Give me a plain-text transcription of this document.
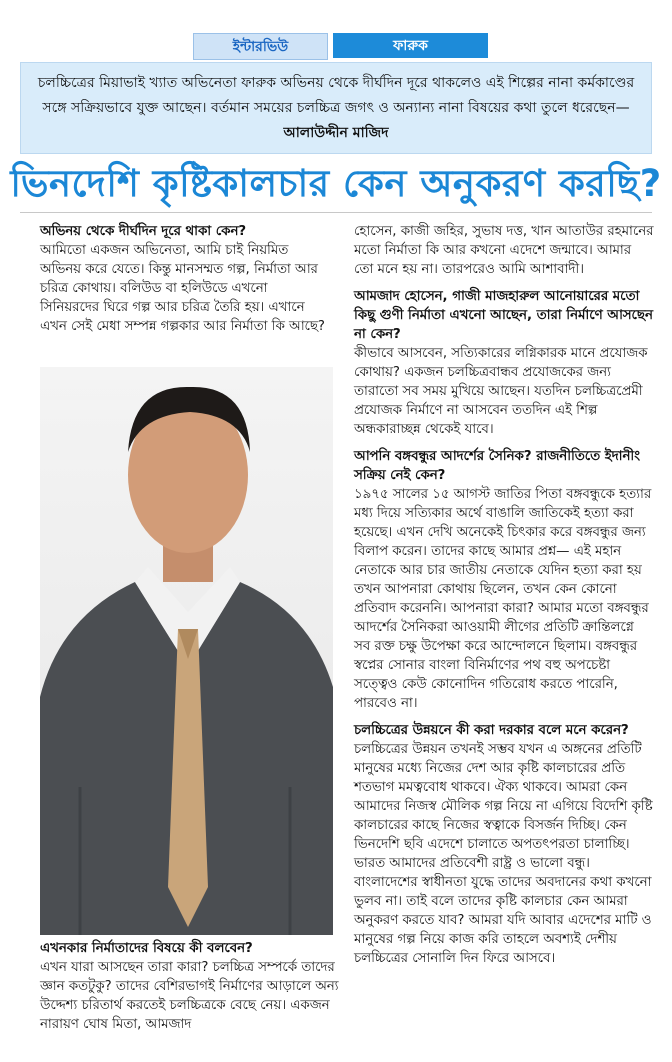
ইন্টারভিউ	ফারুক
চলচ্চিত্রের মিয়াভাই খ্যাত অভিনেতা ফারুক অভিনয় থেকে দীর্ঘদিন দূরে থাকলেও এই শিল্পের নানা কর্মকাণ্ডের সঙ্গে সক্রিয়ভাবে যুক্ত আছেন। বর্তমান সময়ের চলচ্চিত্র জগৎ ও অন্যান্য নানা বিষয়ের কথা তুলে ধরেছেন— আলাউদ্দীন মাজিদ
ভিনদেশি কৃষ্টিকালচার কেন অনুকরণ করছি?

অভিনয় থেকে দীর্ঘদিন দূরে থাকা কেন?

আমিতো একজন অভিনেতা, আমি চাই নিয়মিত অভিনয় করে যেতে। কিন্তু মানসম্মত গল্প, নির্মাতা আর চরিত্র কোথায়। বলিউড বা হলিউডে এখনো সিনিয়রদের ঘিরে গল্প আর চরিত্র তৈরি হয়। এখানে এখন সেই মেধা সম্পন্ন গল্পকার আর নির্মাতা কি আছে?

এখনকার নির্মাতাদের বিষয়ে কী বলবেন?

এখন যারা আসছেন তারা কারা? চলচ্চিত্র সম্পর্কে তাদের জ্ঞান কতটুকু? তাদের বেশিরভাগই নির্মাণের আড়ালে অন্য উদ্দেশ্য চরিতার্থ করতেই চলচ্চিত্রকে বেছে নেয়। একজন নারায়ণ ঘোষ মিতা, আমজাদ

হোসেন, কাজী জহির, সুভাষ দত্ত, খান আতাউর রহমানের মতো নির্মাতা কি আর কখনো এদেশে জন্মাবে। আমার তো মনে হয় না। তারপরেও আমি আশাবাদী।

আমজাদ হোসেন, গাজী মাজহারুল আনোয়ারের মতো কিছু গুণী নির্মাতা এখনো আছেন, তারা নির্মাণে আসছেন না কেন?

কীভাবে আসবেন, সত্যিকারের লগ্নিকারক মানে প্রযোজক কোথায়? একজন চলচ্চিত্রবান্ধব প্রযোজকের জন্য তারাতো সব সময় মুখিয়ে আছেন। যতদিন চলচ্চিত্রপ্রেমী প্রযোজক নির্মাণে না আসবেন ততদিন এই শিল্প অন্ধকারাচ্ছন্ন থেকেই যাবে।

আপনি বঙ্গবন্ধুর আদর্শের সৈনিক? রাজনীতিতে ইদানীং সক্রিয় নেই কেন?

১৯৭৫ সালের ১৫ আগস্ট জাতির পিতা বঙ্গবন্ধুকে হত্যার মধ্য দিয়ে সত্যিকার অর্থে বাঙালি জাতিকেই হত্যা করা হয়েছে। এখন দেখি অনেকেই চিৎকার করে বঙ্গবন্ধুর জন্য বিলাপ করেন। তাদের কাছে আমার প্রশ্ন— এই মহান নেতাকে আর চার জাতীয় নেতাকে যেদিন হত্যা করা হয় তখন আপনারা কোথায় ছিলেন, তখন কেন কোনো প্রতিবাদ করেননি। আপনারা কারা? আমার মতো বঙ্গবন্ধুর আদর্শের সৈনিকরা আওয়ামী লীগের প্রতিটি ক্রান্তিলগ্নে সব রক্ত চক্ষু উপেক্ষা করে আন্দোলনে ছিলাম। বঙ্গবন্ধুর স্বপ্নের সোনার বাংলা বিনির্মাণের পথ বহু অপচেষ্টা সত্ত্বেও কেউ কোনোদিন গতিরোধ করতে পারেনি, পারবেও না।

চলচ্চিত্রের উন্নয়নে কী করা দরকার বলে মনে করেন?

চলচ্চিত্রের উন্নয়ন তখনই সম্ভব যখন এ অঙ্গনের প্রতিটি মানুষের মধ্যে নিজের দেশ আর কৃষ্টি কালচারের প্রতি শতভাগ মমত্ববোধ থাকবে। ঐক্য থাকবে। আমরা কেন আমাদের নিজস্ব মৌলিক গল্প নিয়ে না এগিয়ে বিদেশি কৃষ্টি কালচারের কাছে নিজের স্বত্বাকে বিসর্জন দিচ্ছি। কেন ভিনদেশি ছবি এদেশে চালাতে অপতৎপরতা চালাচ্ছি। ভারত আমাদের প্রতিবেশী রাষ্ট্র ও ভালো বন্ধু। বাংলাদেশের স্বাধীনতা যুদ্ধে তাদের অবদানের কথা কখনো ভুলব না। তাই বলে তাদের কৃষ্টি কালচার কেন আমরা অনুকরণ করতে যাব? আমরা যদি আবার এদেশের মাটি ও মানুষের গল্প নিয়ে কাজ করি তাহলে অবশ্যই দেশীয় চলচ্চিত্রের সোনালি দিন ফিরে আসবে।
